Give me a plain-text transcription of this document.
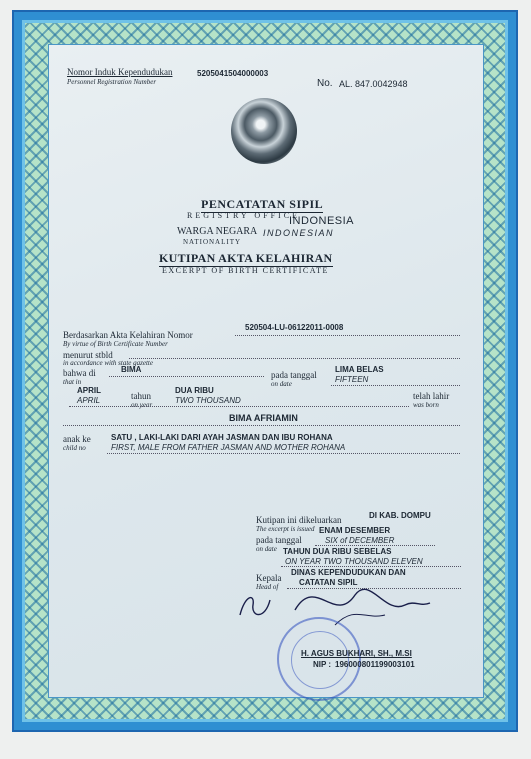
Nomor Induk Kependudukan
Personnel Registration Number
5205041504000003
No. AL. 847.0042948
PENCATATAN SIPIL
REGISTRY OFFICE
INDONESIA
WARGA NEGARA
NATIONALITY
INDONESIAN
KUTIPAN AKTA KELAHIRAN
EXCERPT OF BIRTH CERTIFICATE
Berdasarkan Akta Kelahiran Nomor
By virtue of Birth Certificate Number
520504-LU-06122011-0008
menurut stbld
in accordance with state gazette
bahwa di
that in
BIMA
pada tanggal
on date
LIMA BELAS
FIFTEEN
APRIL
APRIL	tahun
on year
DUA RIBU
TWO THOUSAND	telah lahir
was born
BIMA AFRIAMIN
anak ke
child no
SATU , LAKI-LAKI DARI AYAH JASMAN DAN IBU ROHANA
FIRST, MALE FROM FATHER JASMAN AND MOTHER ROHANA
Kutipan ini dikeluarkan
The excerpt is issued
DI KAB. DOMPU
pada tanggal
on date
ENAM DESEMBER
SIX of DECEMBER
TAHUN DUA RIBU SEBELAS
ON YEAR TWO THOUSAND ELEVEN
Kepala
Head of
DINAS KEPENDUDUKAN DAN
CATATAN SIPIL
H. AGUS BUKHARI, SH., M.SI
NIP : 196000801199003101
